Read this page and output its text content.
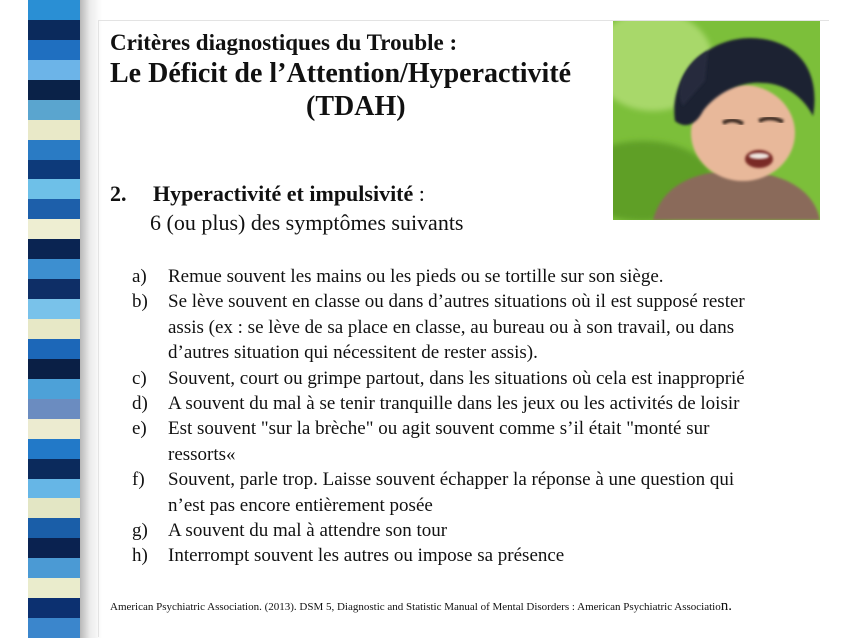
Critères diagnostiques du Trouble :
Le Déficit de l’Attention/Hyperactivité
(TDAH)
2. Hyperactivité et impulsivité :
6 (ou plus) des symptômes suivants
a)	Remue souvent les mains ou les pieds ou se tortille sur son siège.
b)	Se lève souvent en classe ou dans d’autres situations où il est supposé rester
assis (ex : se lève de sa place en classe, au bureau ou à son travail, ou dans
d’autres situation qui nécessitent de rester assis).
c)	Souvent, court ou grimpe partout, dans les situations où cela est inapproprié
d)	A souvent du mal à se tenir tranquille dans les jeux ou les activités de loisir
e)	Est souvent "sur la brèche" ou agit souvent comme s’il était "monté sur
ressorts«
f)	Souvent, parle trop. Laisse souvent échapper la réponse à une question qui
n’est pas encore entièrement posée
g)	A souvent du mal à attendre son tour
h)	Interrompt souvent les autres ou impose sa présence
American Psychiatric Association. (2013). DSM 5, Diagnostic and Statistic Manual of Mental Disorders : American Psychiatric Association.
